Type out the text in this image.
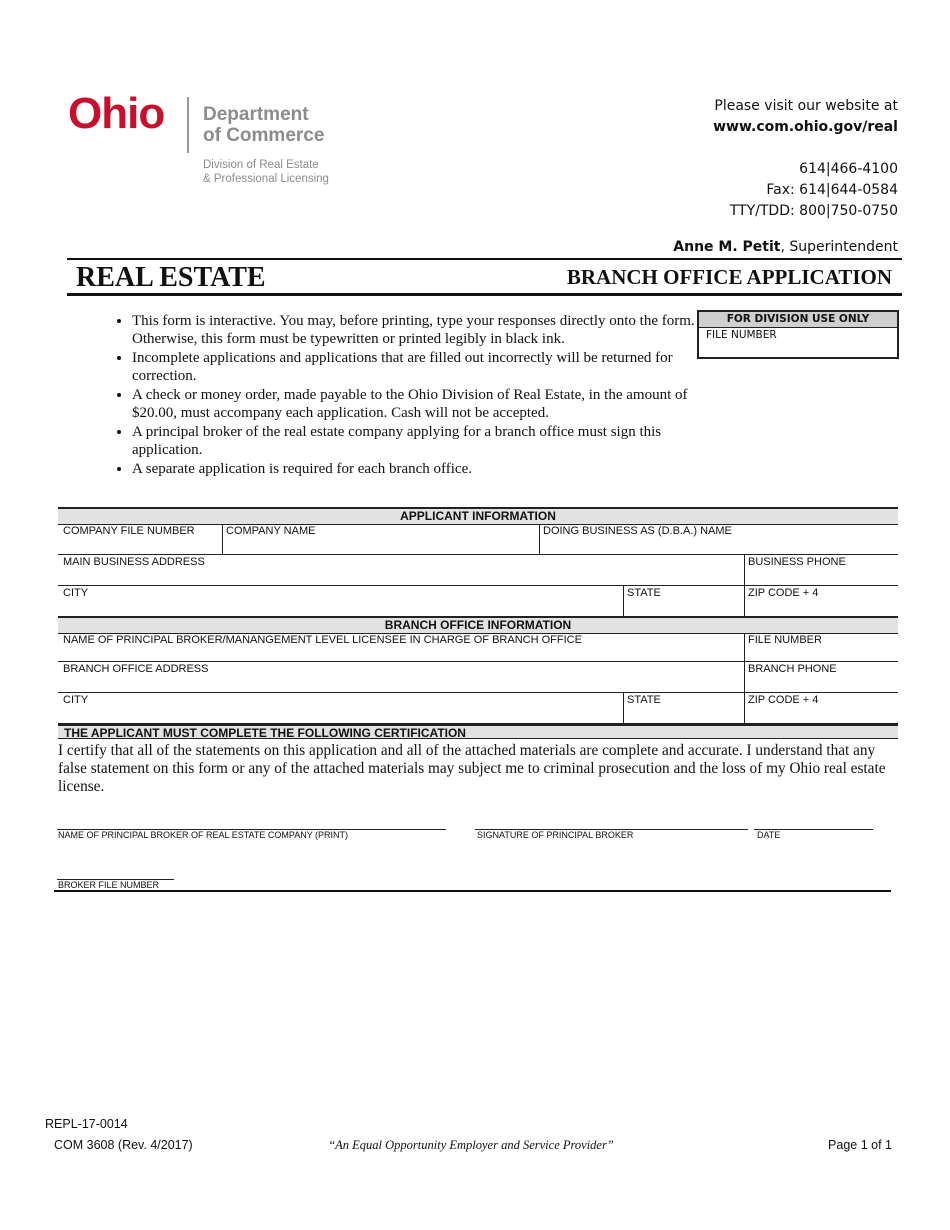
Ohio Department
of Commerce
Division of Real Estate
& Professional Licensing
Please visit our website at
www.com.ohio.gov/real
614|466-4100
Fax: 614|644-0584
TTY/TDD: 800|750-0750
Anne M. Petit, Superintendent
REAL ESTATE	BRANCH OFFICE APPLICATION
• This form is interactive. You may, before printing, type your responses directly onto the form. Otherwise, this form must be typewritten or printed legibly in black ink.
• Incomplete applications and applications that are filled out incorrectly will be returned for correction.
• A check or money order, made payable to the Ohio Division of Real Estate, in the amount of $20.00, must accompany each application. Cash will not be accepted.
• A principal broker of the real estate company applying for a branch office must sign this application.
• A separate application is required for each branch office.
FOR DIVISION USE ONLY
FILE NUMBER
APPLICANT INFORMATION
COMPANY FILE NUMBER	COMPANY NAME	DOING BUSINESS AS (D.B.A.) NAME
MAIN BUSINESS ADDRESS	BUSINESS PHONE
CITY	STATE	ZIP CODE + 4
BRANCH OFFICE INFORMATION
NAME OF PRINCIPAL BROKER/MANANGEMENT LEVEL LICENSEE IN CHARGE OF BRANCH OFFICE	FILE NUMBER
BRANCH OFFICE ADDRESS	BRANCH PHONE
CITY	STATE	ZIP CODE + 4
THE APPLICANT MUST COMPLETE THE FOLLOWING CERTIFICATION
I certify that all of the statements on this application and all of the attached materials are complete and accurate. I understand that any false statement on this form or any of the attached materials may subject me to criminal prosecution and the loss of my Ohio real estate license.
NAME OF PRINCIPAL BROKER OF REAL ESTATE COMPANY (PRINT)	SIGNATURE OF PRINCIPAL BROKER	DATE
BROKER FILE NUMBER
REPL-17-0014
COM 3608 (Rev. 4/2017)	“An Equal Opportunity Employer and Service Provider”	Page 1 of 1
